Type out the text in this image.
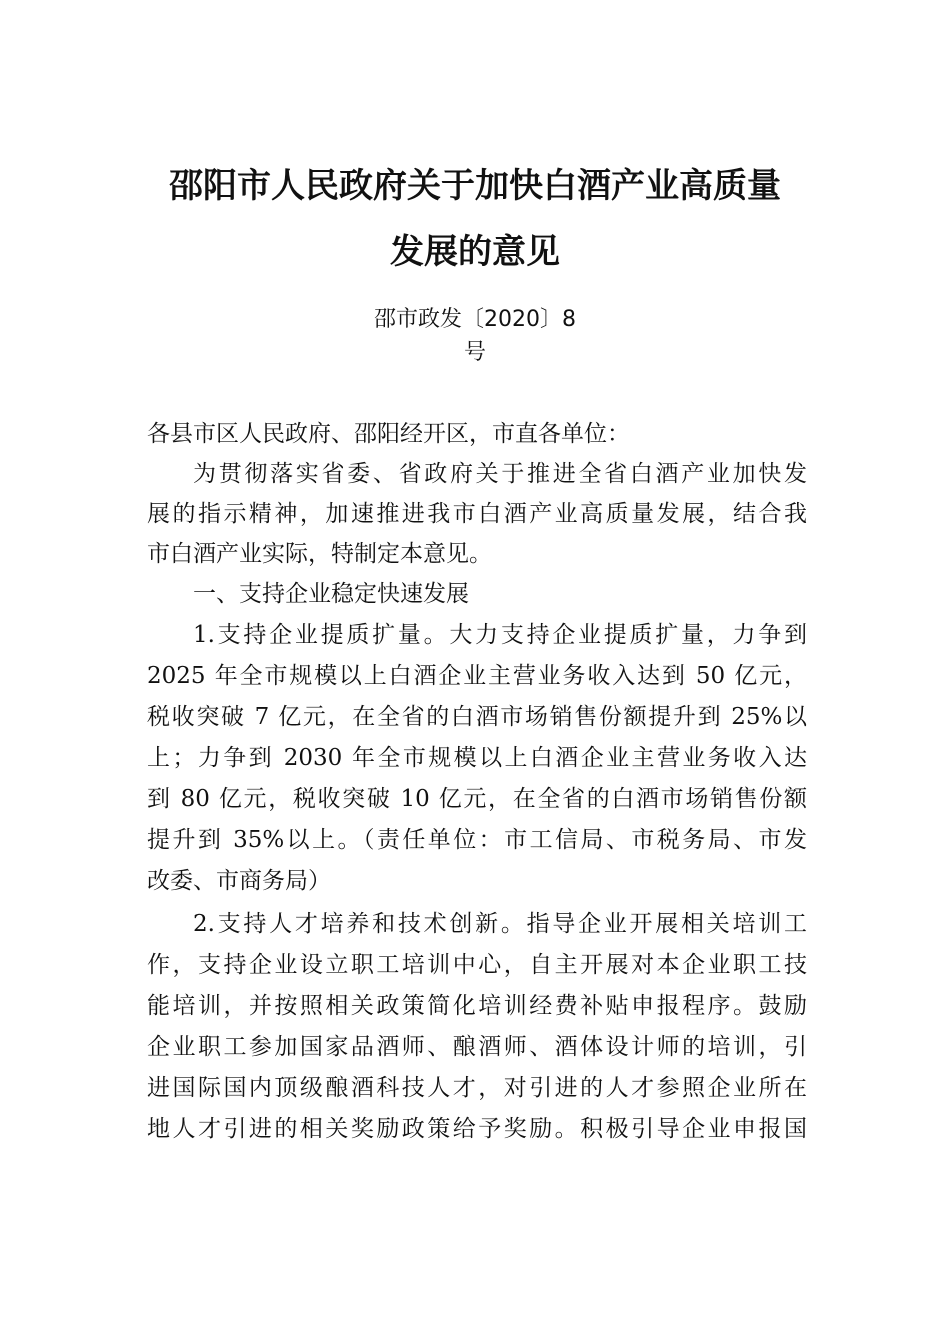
邵阳市人民政府关于加快白酒产业高质量
发展的意见
邵市政发〔2020〕8
号
各县市区人民政府、邵阳经开区，市直各单位：
为贯彻落实省委、省政府关于推进全省白酒产业加快发
展的指示精神，加速推进我市白酒产业高质量发展，结合我
市白酒产业实际，特制定本意见。
一、支持企业稳定快速发展
1.支持企业提质扩量。大力支持企业提质扩量，力争到
2025 年全市规模以上白酒企业主营业务收入达到 50 亿元，
税收突破 7 亿元，在全省的白酒市场销售份额提升到 25%以
上；力争到 2030 年全市规模以上白酒企业主营业务收入达
到 80 亿元，税收突破 10 亿元，在全省的白酒市场销售份额
提升到 35%以上。（责任单位：市工信局、市税务局、市发
改委、市商务局）
2.支持人才培养和技术创新。指导企业开展相关培训工
作，支持企业设立职工培训中心，自主开展对本企业职工技
能培训，并按照相关政策简化培训经费补贴申报程序。鼓励
企业职工参加国家品酒师、酿酒师、酒体设计师的培训，引
进国际国内顶级酿酒科技人才，对引进的人才参照企业所在
地人才引进的相关奖励政策给予奖励。积极引导企业申报国
